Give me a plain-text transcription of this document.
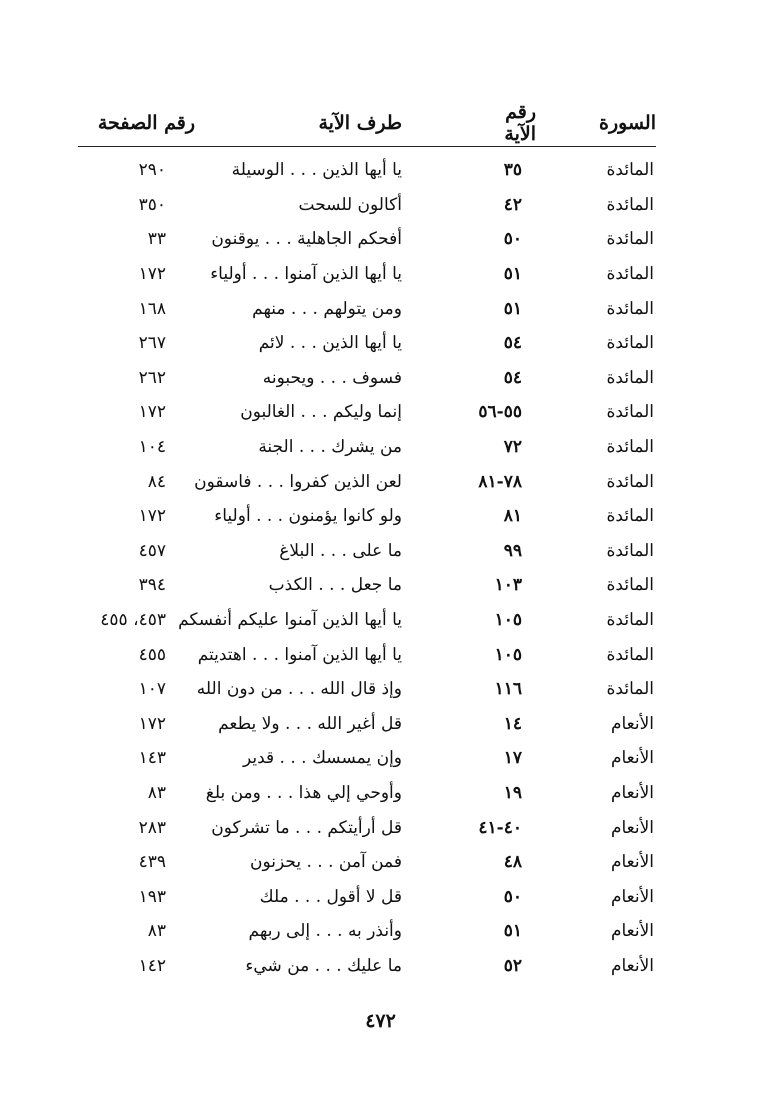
السورة	رقم الآية	طرف الآية	رقم الصفحة

المائدة	٣٥	يا أيها الذين . . . الوسيلة	٢٩٠
المائدة	٤٢	أكالون للسحت	٣٥٠
المائدة	٥٠	أفحكم الجاهلية . . . يوقنون	٣٣
المائدة	٥١	يا أيها الذين آمنوا . . . أولياء	١٧٢
المائدة	٥١	ومن يتولهم . . . منهم	١٦٨
المائدة	٥٤	يا أيها الذين . . . لائم	٢٦٧
المائدة	٥٤	فسوف . . . ويحبونه	٢٦٢
المائدة	٥٥-٥٦	إنما وليكم . . . الغالبون	١٧٢
المائدة	٧٢	من يشرك . . . الجنة	١٠٤
المائدة	٧٨-٨١	لعن الذين كفروا . . . فاسقون	٨٤
المائدة	٨١	ولو كانوا يؤمنون . . . أولياء	١٧٢
المائدة	٩٩	ما على . . . البلاغ	٤٥٧
المائدة	١٠٣	ما جعل . . . الكذب	٣٩٤
المائدة	١٠٥	يا أيها الذين آمنوا عليكم أنفسكم	٤٥٣، ٤٥٥
المائدة	١٠٥	يا أيها الذين آمنوا . . . اهتديتم	٤٥٥
المائدة	١١٦	وإذ قال الله . . . من دون الله	١٠٧
الأنعام	١٤	قل أغير الله . . . ولا يطعم	١٧٢
الأنعام	١٧	وإن يمسسك . . . قدير	١٤٣
الأنعام	١٩	وأوحي إلي هذا . . . ومن بلغ	٨٣
الأنعام	٤٠-٤١	قل أرأيتكم . . . ما تشركون	٢٨٣
الأنعام	٤٨	فمن آمن . . . يحزنون	٤٣٩
الأنعام	٥٠	قل لا أقول . . . ملك	١٩٣
الأنعام	٥١	وأنذر به . . . إلى ربهم	٨٣
الأنعام	٥٢	ما عليك . . . من شيء	١٤٢
٤٧٢
